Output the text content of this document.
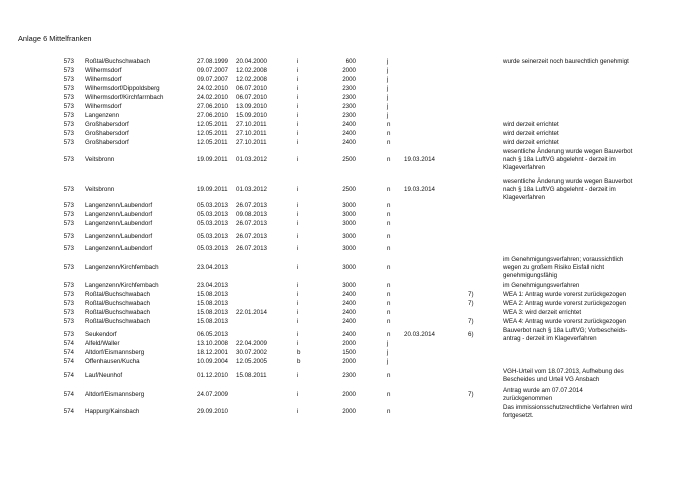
Anlage 6 Mittelfranken
573 Roßtal/Buchschwabach	27.08.1999 20.04.2000	i	600	j	wurde seinerzeit noch baurechtlich genehmigt
573 Wilhermsdorf	09.07.2007 12.02.2008	i	2000	j
573 Wilhermsdorf	09.07.2007 12.02.2008	i	2000	j
573 Wilhermsdorf/Dippoldsberg	24.02.2010 06.07.2010	i	2300	j
573 Wilhermsdorf/Kirchfarrnbach	24.02.2010 06.07.2010	i	2300	j
573 Wilhermsdorf	27.06.2010 13.09.2010	i	2300	j
573 Langenzenn	27.06.2010 15.09.2010	i	2300	j
573 Großhabersdorf	12.05.2011 27.10.2011	i	2400	n	wird derzeit errichtet
573 Großhabersdorf	12.05.2011 27.10.2011	i	2400	n	wird derzeit errichtet
573 Großhabersdorf	12.05.2011 27.10.2011	i	2400	n	wird derzeit errichtet
573 Veitsbronn	19.09.2011 01.03.2012	i	2500	n 19.03.2014
wesentliche Änderung wurde wegen Bauverbot
nach § 18a LuftVG abgelehnt - derzeit im
Klageverfahren
573 Veitsbronn	19.09.2011 01.03.2012	i	2500	n 19.03.2014
wesentliche Änderung wurde wegen Bauverbot
nach § 18a LuftVG abgelehnt - derzeit im
Klageverfahren
573 Langenzenn/Laubendorf	05.03.2013 26.07.2013	i	3000	n
573 Langenzenn/Laubendorf	05.03.2013 09.08.2013	i	3000	n
573 Langenzenn/Laubendorf	05.03.2013 26.07.2013	i	3000	n
573 Langenzenn/Laubendorf	05.03.2013 26.07.2013	i	3000	n
573 Langenzenn/Laubendorf	05.03.2013 26.07.2013	i	3000	n
573 Langenzenn/Kirchfembach	23.04.2013	i	3000	n
im Genehmigungsverfahren; voraussichtlich
wegen zu großem Risiko Eisfall nicht
genehmigungsfähig
573 Langenzenn/Kirchfembach	23.04.2013	i	3000	n	im Genehmigungsverfahren
573 Roßtal/Buchschwabach	15.08.2013	i	2400	n	7)	WEA 1: Antrag wurde vorerst zurückgezogen
573 Roßtal/Buchschwabach	15.08.2013	i	2400	n	7)	WEA 2: Antrag wurde vorerst zurückgezogen
573 Roßtal/Buchschwabach	15.08.2013 22.01.2014	i	2400	n	WEA 3: wird derzeit errichtet
573 Roßtal/Buchschwabach	15.08.2013	i	2400	n	7)	WEA 4: Antrag wurde vorerst zurückgezogen
573 Seukendorf	06.05.2013	i	2400	n 20.03.2014	6)
Bauverbot nach § 18a LuftVG; Vorbescheids-
antrag - derzeit im Klageverfahren
574 Alfeld/Waller	13.10.2008 22.04.2009	i	2000	j
574 Altdorf/Eismannsberg	18.12.2001 30.07.2002	b	1500	j
574 Offenhausen/Kucha	10.09.2004 12.05.2005	b	2000	j
574 Lauf/Neunhof	01.12.2010 15.08.2011	i	2300	n
VGH-Urteil vom 18.07.2013, Aufhebung des
Bescheides und Urteil VG Ansbach
574 Altdorf/Eismannsberg	24.07.2009	i	2000	n	7)
Antrag wurde am 07.07.2014
zurückgenommen
574 Happurg/Kainsbach	29.09.2010	i	2000	n
Das immissionsschutzrechtliche Verfahren wird
fortgesetzt.
